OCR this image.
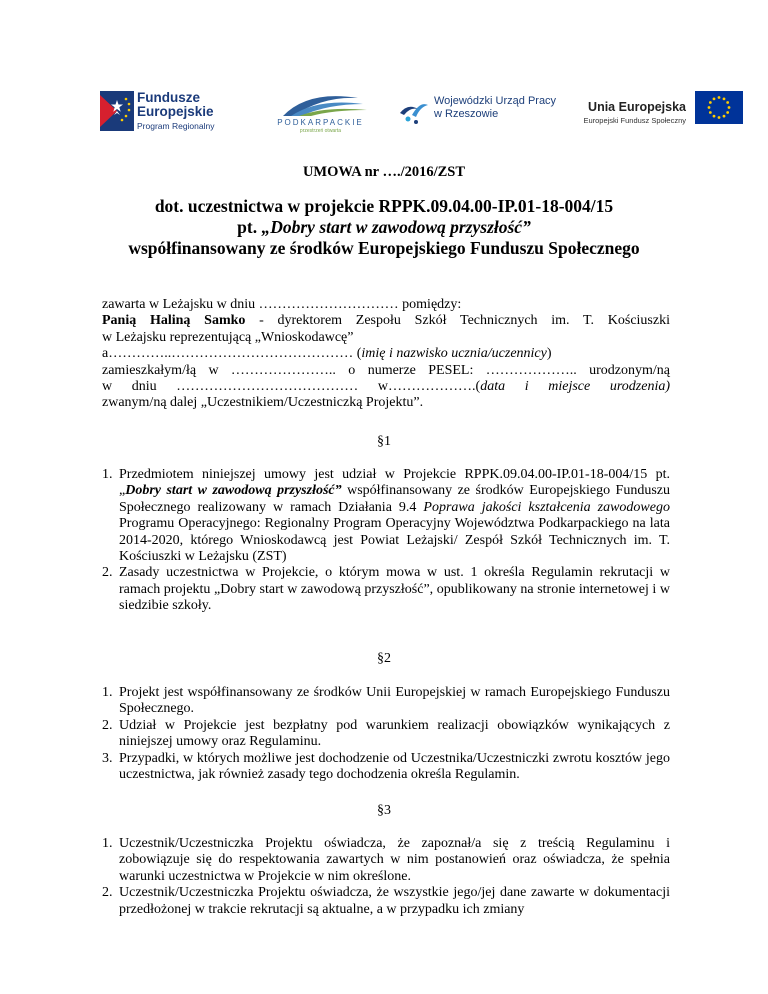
Fundusze
Europejskie
Program Regionalny	PODKARPACKIE
przestrzeń otwarta
Wojewódzki Urząd Pracy
w Rzeszowie	Unia Europejska
Europejski Fundusz Społeczny
UMOWA nr …./2016/ZST
dot. uczestnictwa w projekcie RPPK.09.04.00-IP.01-18-004/15
pt. „Dobry start w zawodową przyszłość”
współfinansowany ze środków Europejskiego Funduszu Społecznego

zawarta w Leżajsku w dniu ………………………… pomiędzy:

Panią Haliną Samko - dyrektorem Zespołu Szkół Technicznych im. T. Kościuszki

w Leżajsku reprezentującą „Wnioskodawcę”

a…………..………………………………… (imię i nazwisko ucznia/uczennicy)

zamieszkałym/łą w ………………….. o numerze PESEL: ……………….. urodzonym/ną

w dniu ………………………………… w……………….(data i miejsce urodzenia)

zwanym/ną dalej „Uczestnikiem/Uczestniczką Projektu”.

§1
1. Przedmiotem niniejszej umowy jest udział w Projekcie RPPK.09.04.00-IP.01-18-004/15 pt. „Dobry start w zawodową przyszłość” współfinansowany ze środków Europejskiego Funduszu Społecznego realizowany w ramach Działania 9.4 Poprawa jakości kształcenia zawodowego Programu Operacyjnego: Regionalny Program Operacyjny Województwa Podkarpackiego na lata 2014-2020, którego Wnioskodawcą jest Powiat Leżajski/ Zespół Szkół Technicznych im. T. Kościuszki w Leżajsku (ZST)
2. Zasady uczestnictwa w Projekcie, o którym mowa w ust. 1 określa Regulamin rekrutacji w ramach projektu „Dobry start w zawodową przyszłość”, opublikowany na stronie internetowej i w siedzibie szkoły.
§2
1. Projekt jest współfinansowany ze środków Unii Europejskiej w ramach Europejskiego Funduszu Społecznego.
2. Udział w Projekcie jest bezpłatny pod warunkiem realizacji obowiązków wynikających z niniejszej umowy oraz Regulaminu.
3. Przypadki, w których możliwe jest dochodzenie od Uczestnika/Uczestniczki zwrotu kosztów jego uczestnictwa, jak również zasady tego dochodzenia określa Regulamin.
§3
1. Uczestnik/Uczestniczka Projektu oświadcza, że zapoznał/a się z treścią Regulaminu i zobowiązuje się do respektowania zawartych w nim postanowień oraz oświadcza, że spełnia warunki uczestnictwa w Projekcie w nim określone.
2. Uczestnik/Uczestniczka Projektu oświadcza, że wszystkie jego/jej dane zawarte w dokumentacji przedłożonej w trakcie rekrutacji są aktualne, a w przypadku ich zmiany
